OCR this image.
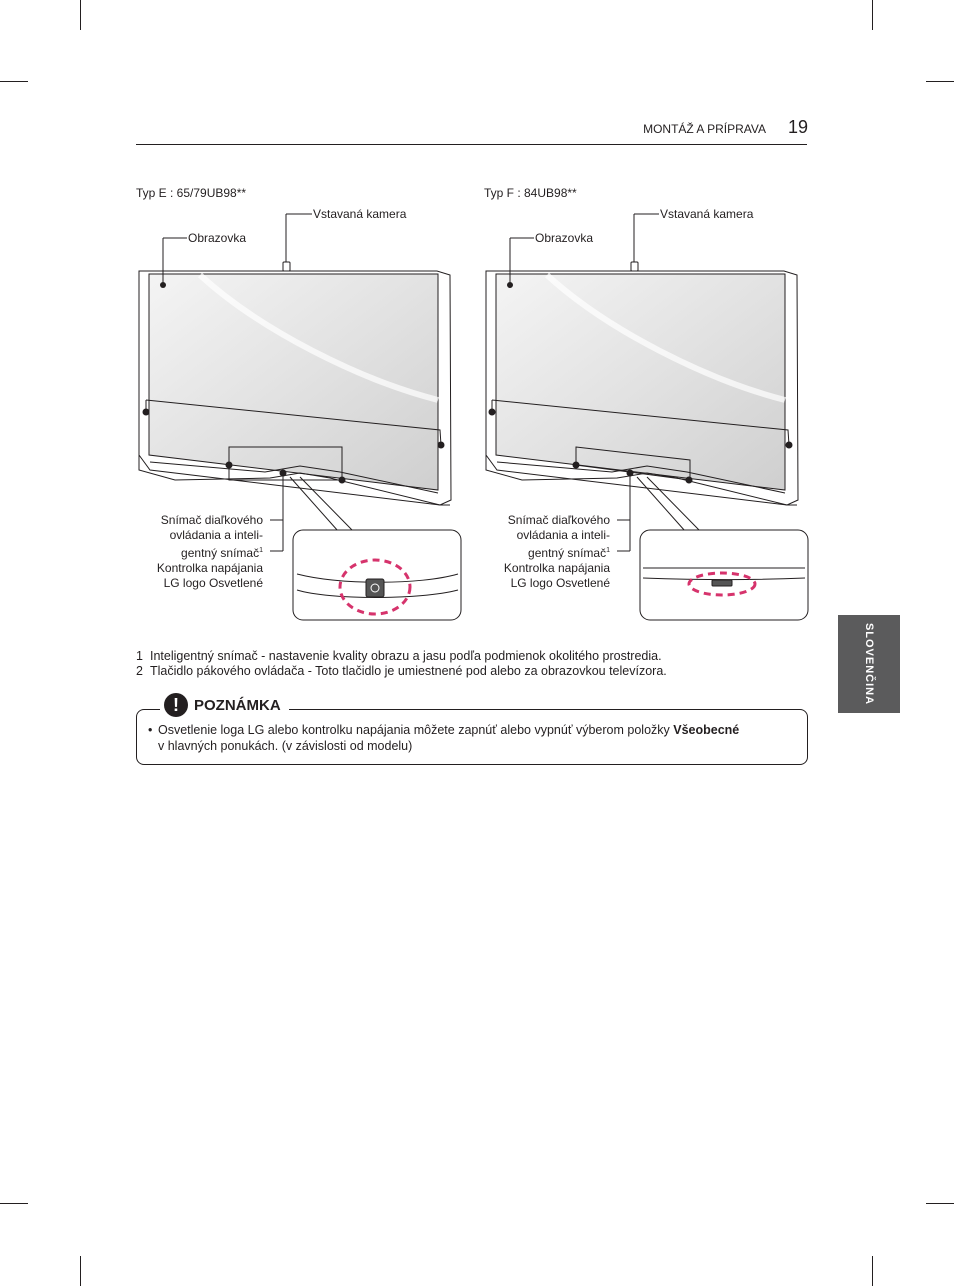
MONTÁŽ A PRÍPRAVA 19
Typ E : 65/79UB98**
Vstavaná kamera
Obrazovka
Snímač diaľkového
ovládania a inteli-
gentný snímač$^1$
Kontrolka napájania
LG logo Osvetlené

Typ F : 84UB98**
Vstavaná kamera
Obrazovka
Snímač diaľkového
ovládania a inteli-
gentný snímač$^1$
Kontrolka napájania
LG logo Osvetlené

SLOVENČINA
1 Inteligentný snímač - nastavenie kvality obrazu a jasu podľa podmienok okolitého prostredia.
2 Tlačidlo pákového ovládača - Toto tlačidlo je umiestnené pod alebo za obrazovkou televízora.
!	POZNÁMKA
• Osvetlenie loga LG alebo kontrolku napájania môžete zapnúť alebo vypnúť výberom položky Všeobecné
v hlavných ponukách. (v závislosti od modelu)
